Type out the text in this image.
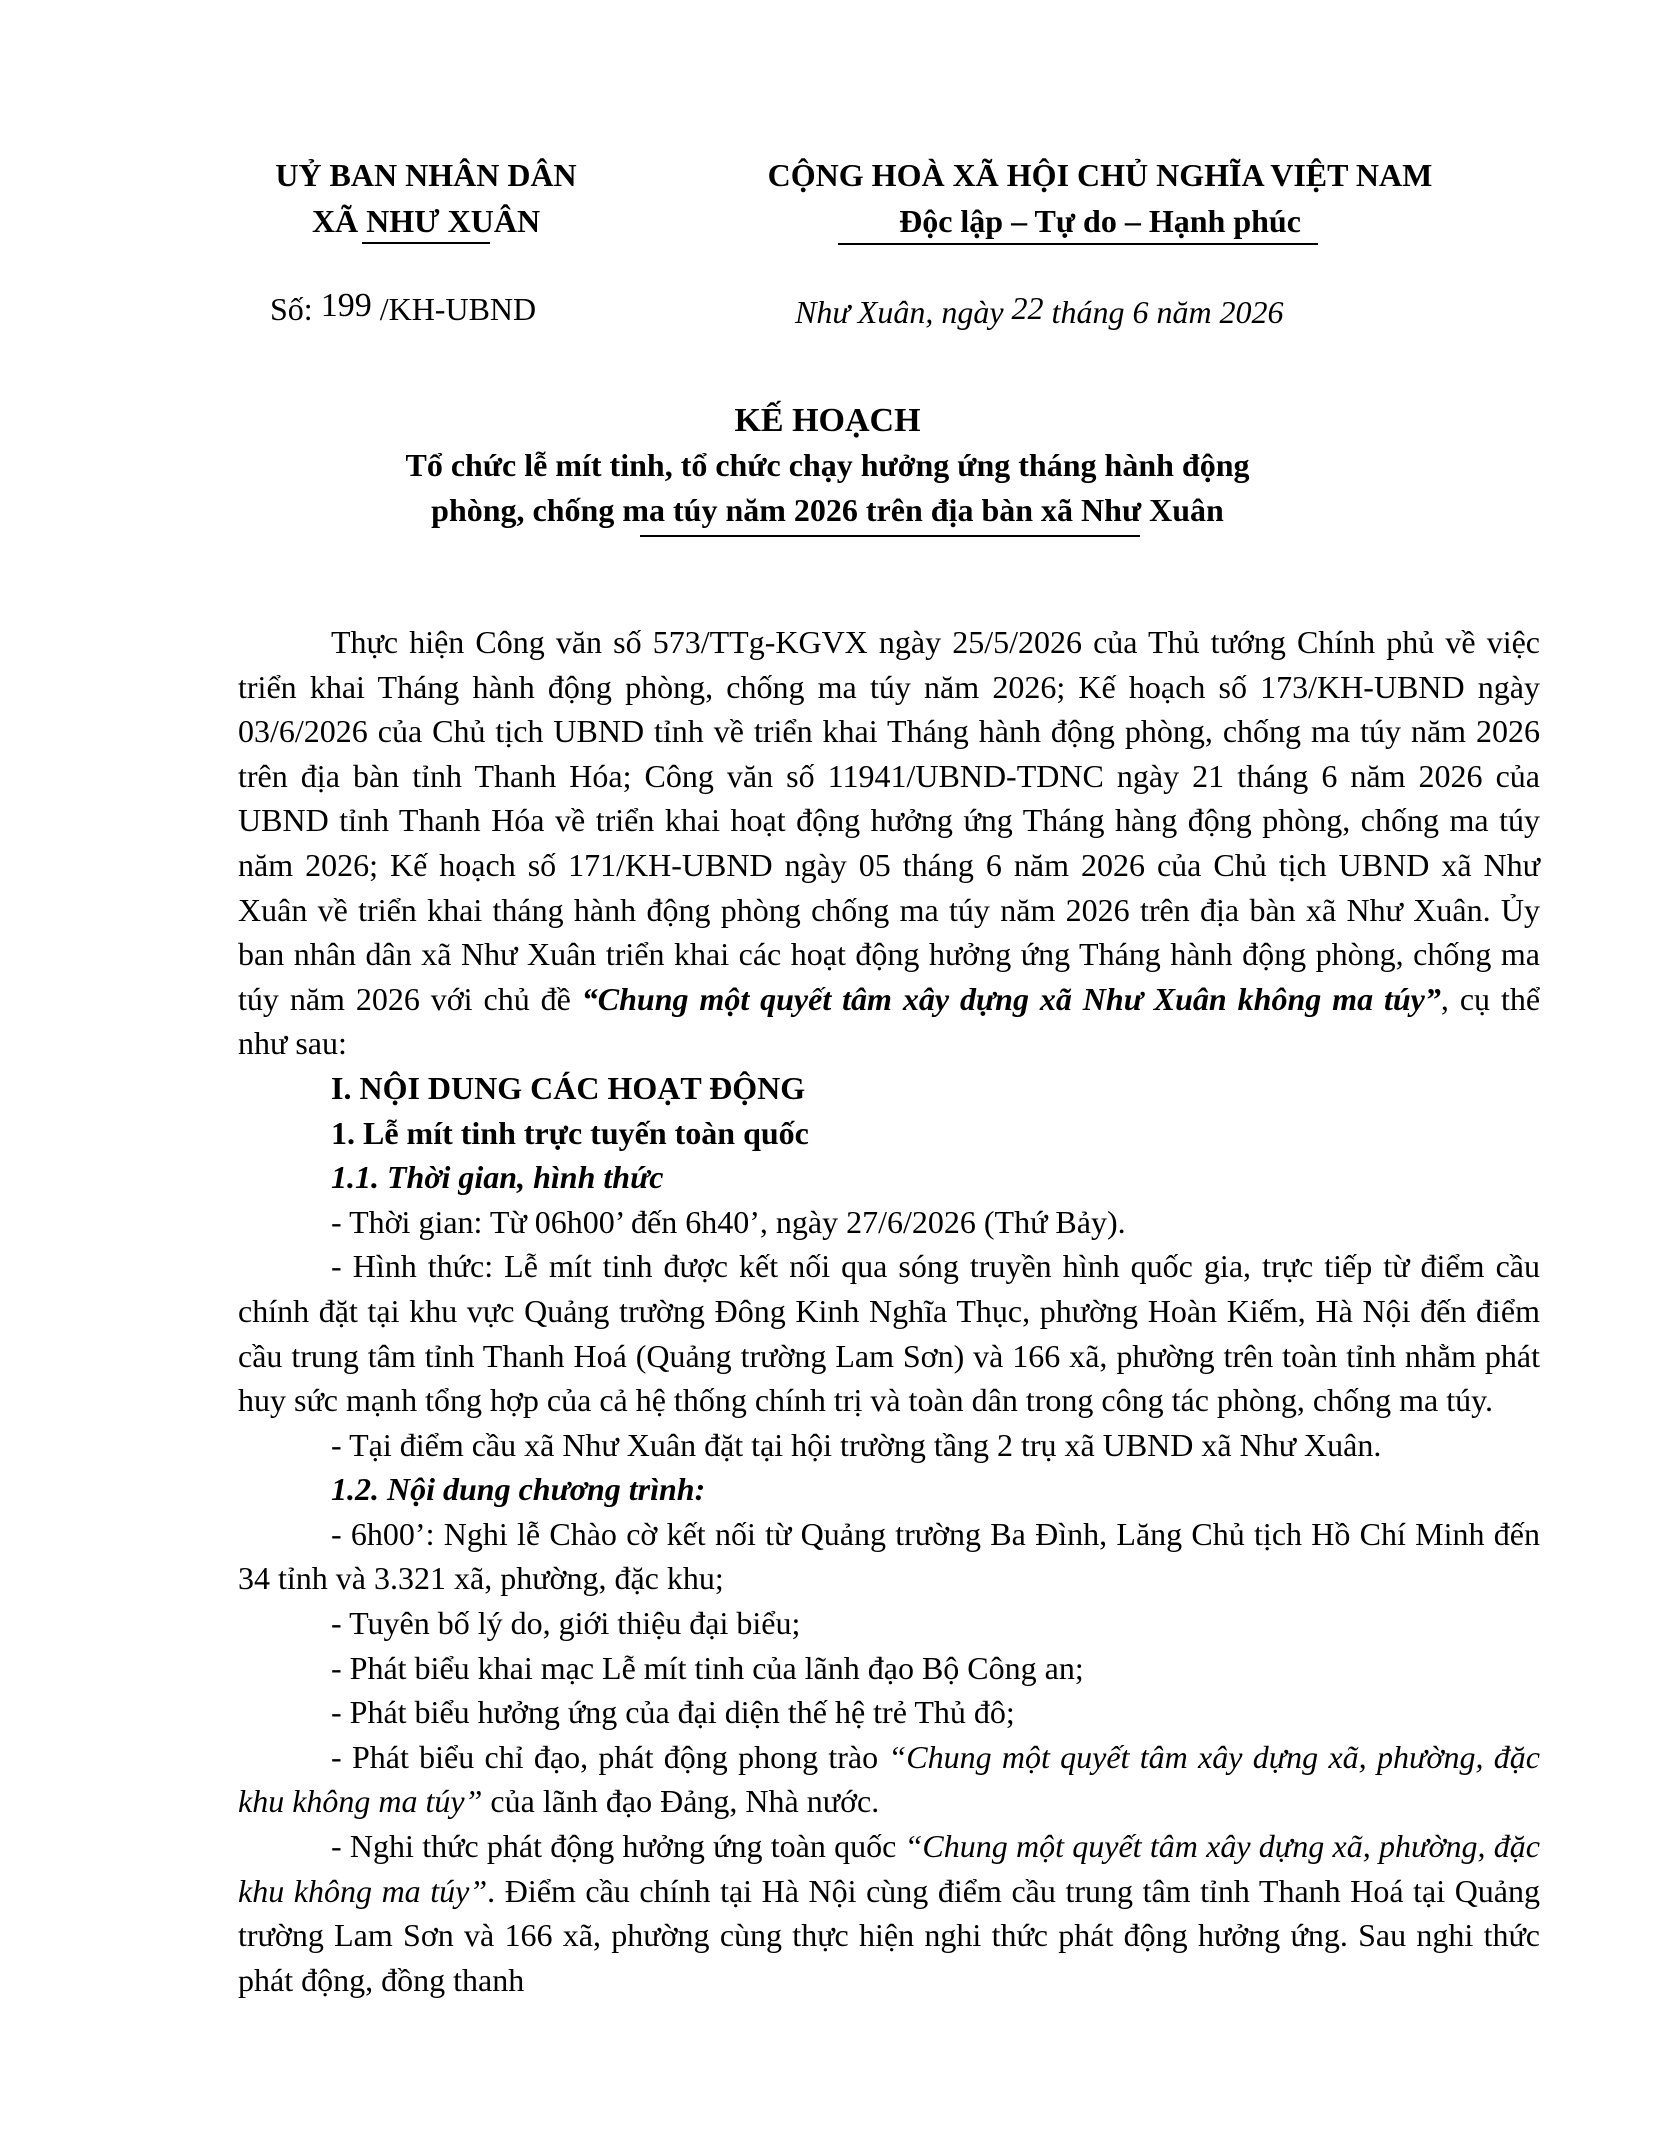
UỶ BAN NHÂN DÂN
XÃ NHƯ XUÂN
CỘNG HOÀ XÃ HỘI CHỦ NGHĨA VIỆT NAM
Độc lập – Tự do – Hạnh phúc
Số: 199 /KH-UBND	Như Xuân, ngày 22 tháng 6 năm 2026
KẾ HOẠCH
Tổ chức lễ mít tinh, tổ chức chạy hưởng ứng tháng hành động
phòng, chống ma túy năm 2026 trên địa bàn xã Như Xuân

Thực hiện Công văn số 573/TTg-KGVX ngày 25/5/2026 của Thủ tướng Chính phủ về việc triển khai Tháng hành động phòng, chống ma túy năm 2026; Kế hoạch số 173/KH-UBND ngày 03/6/2026 của Chủ tịch UBND tỉnh về triển khai Tháng hành động phòng, chống ma túy năm 2026 trên địa bàn tỉnh Thanh Hóa; Công văn số 11941/UBND-TDNC ngày 21 tháng 6 năm 2026 của UBND tỉnh Thanh Hóa về triển khai hoạt động hưởng ứng Tháng hàng động phòng, chống ma túy năm 2026; Kế hoạch số 171/KH-UBND ngày 05 tháng 6 năm 2026 của Chủ tịch UBND xã Như Xuân về triển khai tháng hành động phòng chống ma túy năm 2026 trên địa bàn xã Như Xuân. Ủy ban nhân dân xã Như Xuân triển khai các hoạt động hưởng ứng Tháng hành động phòng, chống ma túy năm 2026 với chủ đề “Chung một quyết tâm xây dựng xã Như Xuân không ma túy”, cụ thể như sau:

I. NỘI DUNG CÁC HOẠT ĐỘNG

1. Lễ mít tinh trực tuyến toàn quốc

1.1. Thời gian, hình thức

- Thời gian: Từ 06h00’ đến 6h40’, ngày 27/6/2026 (Thứ Bảy).

- Hình thức: Lễ mít tinh được kết nối qua sóng truyền hình quốc gia, trực tiếp từ điểm cầu chính đặt tại khu vực Quảng trường Đông Kinh Nghĩa Thục, phường Hoàn Kiếm, Hà Nội đến điểm cầu trung tâm tỉnh Thanh Hoá (Quảng trường Lam Sơn) và 166 xã, phường trên toàn tỉnh nhằm phát huy sức mạnh tổng hợp của cả hệ thống chính trị và toàn dân trong công tác phòng, chống ma túy.

- Tại điểm cầu xã Như Xuân đặt tại hội trường tầng 2 trụ xã UBND xã Như Xuân.

1.2. Nội dung chương trình:

- 6h00’: Nghi lễ Chào cờ kết nối từ Quảng trường Ba Đình, Lăng Chủ tịch Hồ Chí Minh đến 34 tỉnh và 3.321 xã, phường, đặc khu;

- Tuyên bố lý do, giới thiệu đại biểu;

- Phát biểu khai mạc Lễ mít tinh của lãnh đạo Bộ Công an;

- Phát biểu hưởng ứng của đại diện thế hệ trẻ Thủ đô;

- Phát biểu chỉ đạo, phát động phong trào “Chung một quyết tâm xây dựng xã, phường, đặc khu không ma túy” của lãnh đạo Đảng, Nhà nước.

- Nghi thức phát động hưởng ứng toàn quốc “Chung một quyết tâm xây dựng xã, phường, đặc khu không ma túy”. Điểm cầu chính tại Hà Nội cùng điểm cầu trung tâm tỉnh Thanh Hoá tại Quảng trường Lam Sơn và 166 xã, phường cùng thực hiện nghi thức phát động hưởng ứng. Sau nghi thức phát động, đồng thanh
